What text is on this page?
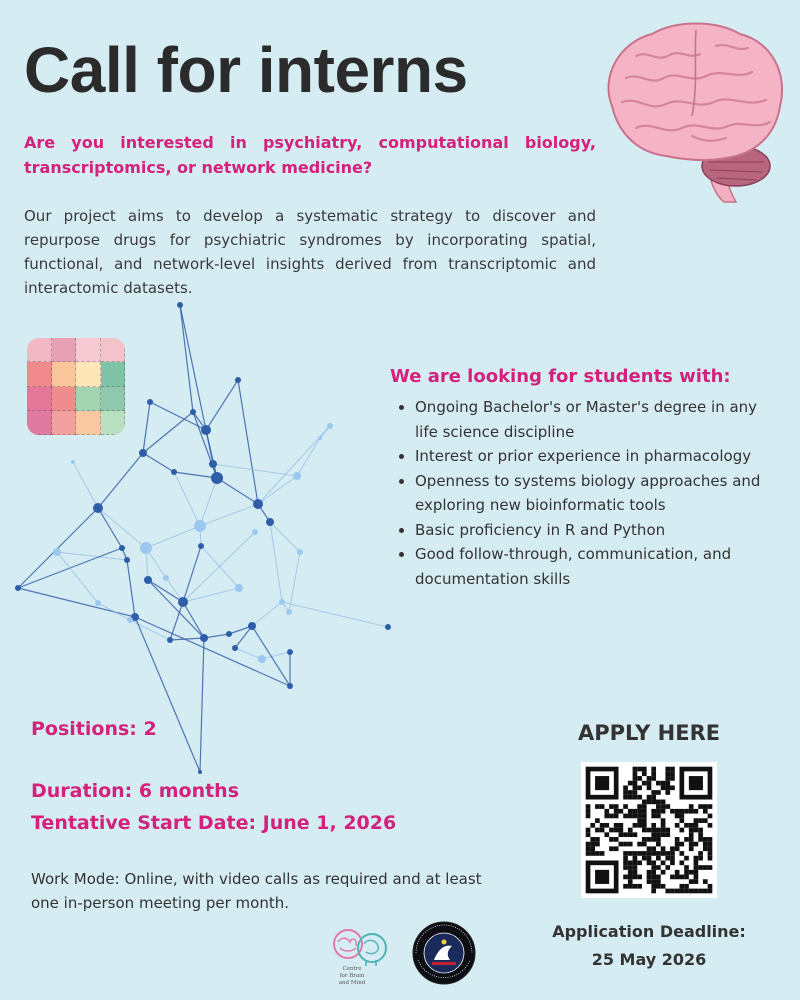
Call for interns
Are you interested in psychiatry, computational biology, transcriptomics, or network medicine?
Our project aims to develop a systematic strategy to discover and repurpose drugs for psychiatric syndromes by incorporating spatial, functional, and network-level insights derived from transcriptomic and interactomic datasets.
We are looking for students with:
• Ongoing Bachelor's or Master's degree in any life science discipline
• Interest or prior experience in pharmacology
• Openness to systems biology approaches and exploring new bioinformatic tools
• Basic proficiency in R and Python
• Good follow-through, communication, and documentation skills
Positions: 2
Duration: 6 months
Tentative Start Date: June 1, 2026
Work Mode: Online, with video calls as required and at least one in-person meeting per month.
APPLY HERE
Application Deadline:
25 May 2026
Centre
for Brain
and Mind
